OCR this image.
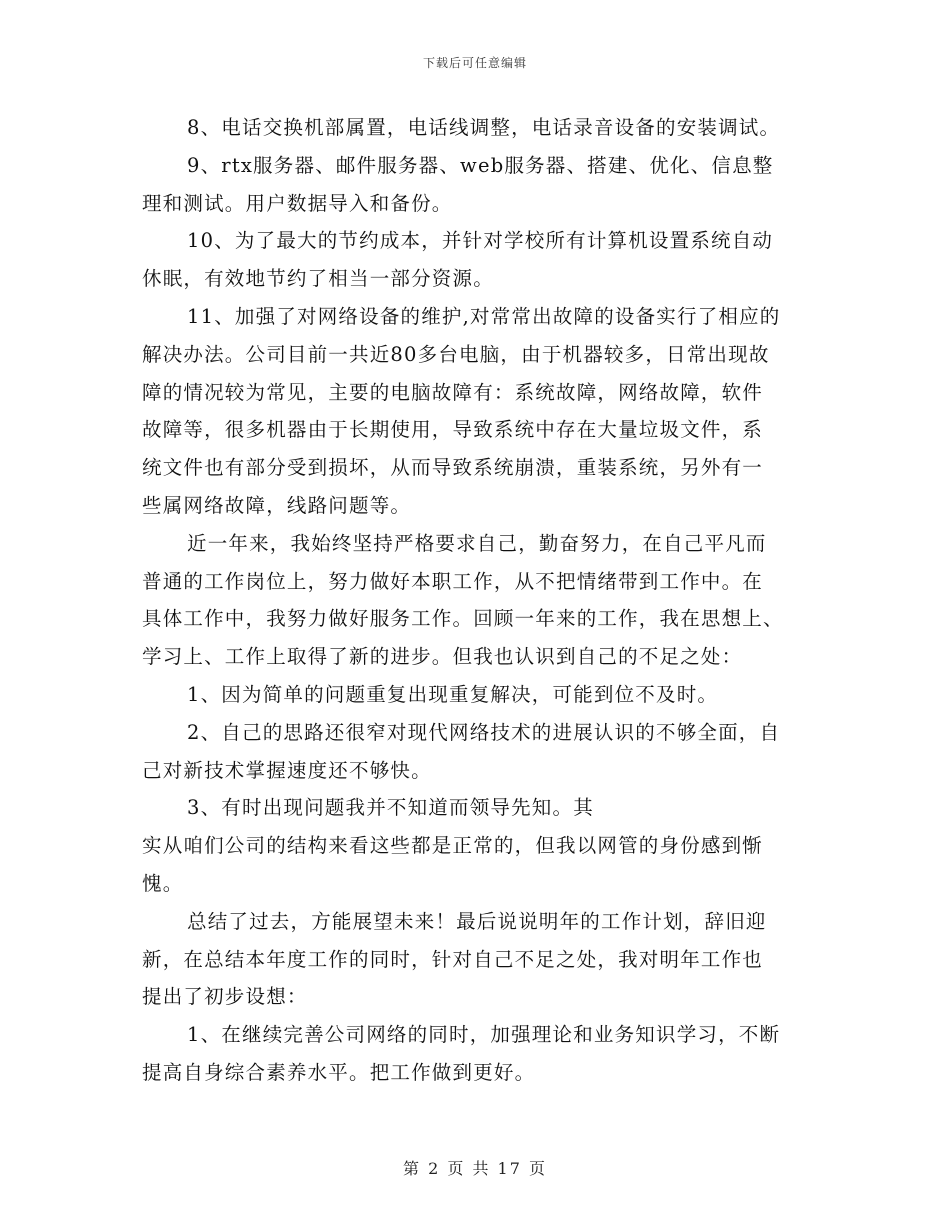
下载后可任意编辑
8、电话交换机部属置，电话线调整，电话录音设备的安装调试。
9、rtx服务器、邮件服务器、web服务器、搭建、优化、信息整
理和测试。用户数据导入和备份。
10、为了最大的节约成本，并针对学校所有计算机设置系统自动
休眠，有效地节约了相当一部分资源。
11、加强了对网络设备的维护,对常常出故障的设备实行了相应的
解决办法。公司目前一共近80多台电脑，由于机器较多，日常出现故
障的情况较为常见，主要的电脑故障有：系统故障，网络故障，软件
故障等，很多机器由于长期使用，导致系统中存在大量垃圾文件，系
统文件也有部分受到损坏，从而导致系统崩溃，重装系统，另外有一
些属网络故障，线路问题等。
近一年来，我始终坚持严格要求自己，勤奋努力，在自己平凡而
普通的工作岗位上，努力做好本职工作，从不把情绪带到工作中。在
具体工作中，我努力做好服务工作。回顾一年来的工作，我在思想上、
学习上、工作上取得了新的进步。但我也认识到自己的不足之处：
1、因为简单的问题重复出现重复解决，可能到位不及时。
2、自己的思路还很窄对现代网络技术的进展认识的不够全面，自
己对新技术掌握速度还不够快。
3、有时出现问题我并不知道而领导先知。其
实从咱们公司的结构来看这些都是正常的，但我以网管的身份感到惭
愧。
总结了过去，方能展望未来！最后说说明年的工作计划，辞旧迎
新，在总结本年度工作的同时，针对自己不足之处，我对明年工作也
提出了初步设想：
1、在继续完善公司网络的同时，加强理论和业务知识学习，不断
提高自身综合素养水平。把工作做到更好。
第 2 页 共 17 页
